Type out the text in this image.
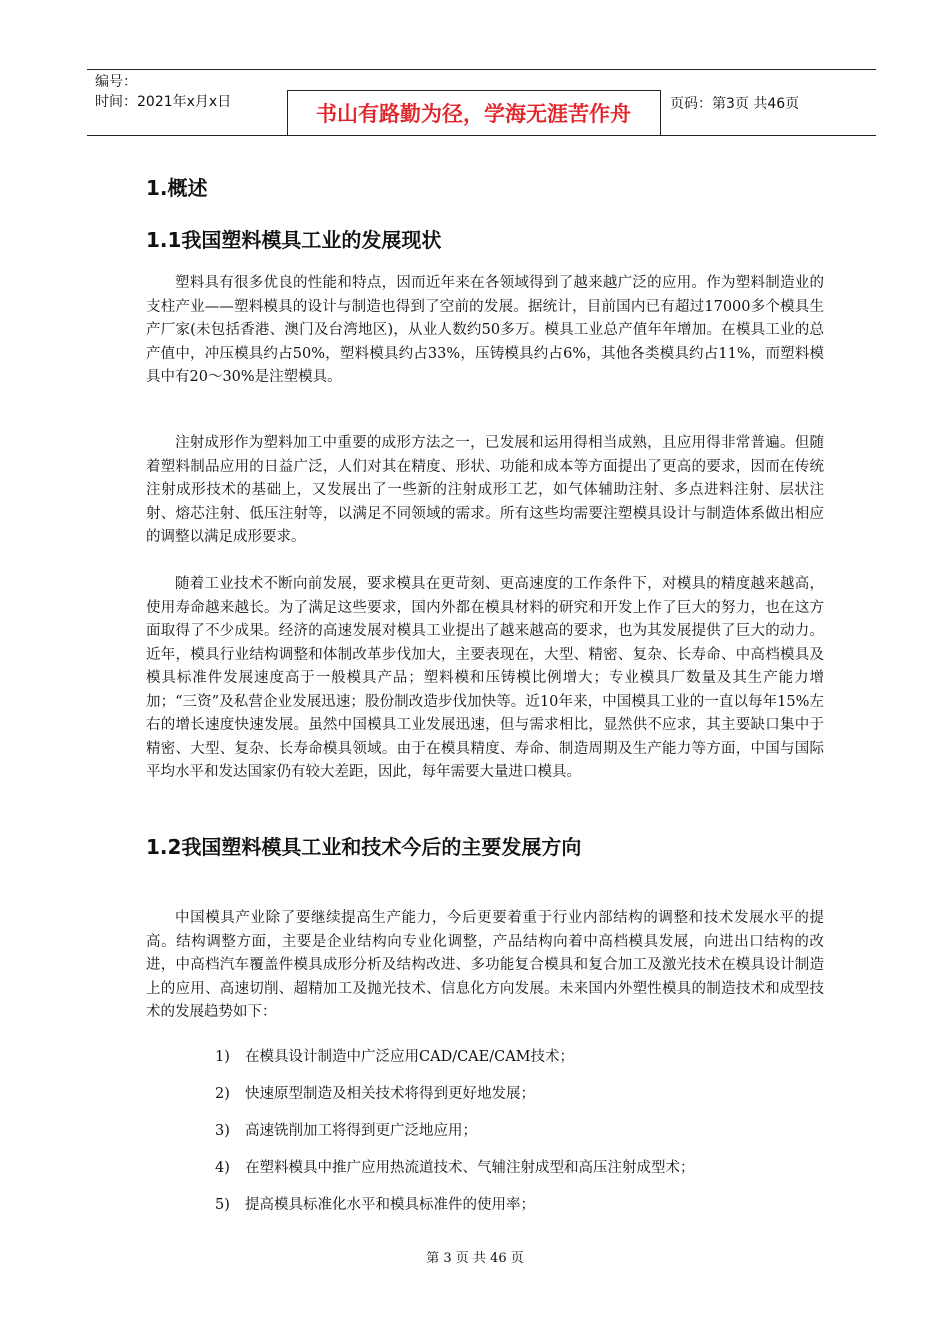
编号：
时间：2021年x月x日	书山有路勤为径，学海无涯苦作舟	页码：第3页 共46页
1.概述
1.1我国塑料模具工业的发展现状

塑料具有很多优良的性能和特点，因而近年来在各领域得到了越来越广泛的应用。作为塑料制造业的支柱产业——塑料模具的设计与制造也得到了空前的发展。据统计，目前国内已有超过17000多个模具生产厂家(未包括香港、澳门及台湾地区)，从业人数约50多万。模具工业总产值年年增加。在模具工业的总产值中，冲压模具约占50%，塑料模具约占33%，压铸模具约占6%，其他各类模具约占11%，而塑料模具中有20～30%是注塑模具。

注射成形作为塑料加工中重要的成形方法之一，已发展和运用得相当成熟，且应用得非常普遍。但随着塑料制品应用的日益广泛，人们对其在精度、形状、功能和成本等方面提出了更高的要求，因而在传统注射成形技术的基础上，又发展出了一些新的注射成形工艺，如气体辅助注射、多点进料注射、层状注射、熔芯注射、低压注射等，以满足不同领域的需求。所有这些均需要注塑模具设计与制造体系做出相应的调整以满足成形要求。

随着工业技术不断向前发展，要求模具在更苛刻、更高速度的工作条件下，对模具的精度越来越高，使用寿命越来越长。为了满足这些要求，国内外都在模具材料的研究和开发上作了巨大的努力，也在这方面取得了不少成果。经济的高速发展对模具工业提出了越来越高的要求，也为其发展提供了巨大的动力。近年，模具行业结构调整和体制改革步伐加大，主要表现在，大型、精密、复杂、长寿命、中高档模具及模具标准件发展速度高于一般模具产品；塑料模和压铸模比例增大；专业模具厂数量及其生产能力增加；“三资”及私营企业发展迅速；股份制改造步伐加快等。近10年来，中国模具工业的一直以每年15%左右的增长速度快速发展。虽然中国模具工业发展迅速，但与需求相比，显然供不应求，其主要缺口集中于精密、大型、复杂、长寿命模具领域。由于在模具精度、寿命、制造周期及生产能力等方面，中国与国际平均水平和发达国家仍有较大差距，因此，每年需要大量进口模具。

1.2我国塑料模具工业和技术今后的主要发展方向

中国模具产业除了要继续提高生产能力，今后更要着重于行业内部结构的调整和技术发展水平的提高。结构调整方面，主要是企业结构向专业化调整，产品结构向着中高档模具发展，向进出口结构的改进，中高档汽车覆盖件模具成形分析及结构改进、多功能复合模具和复合加工及激光技术在模具设计制造上的应用、高速切削、超精加工及抛光技术、信息化方向发展。未来国内外塑性模具的制造技术和成型技术的发展趋势如下：

1) 在模具设计制造中广泛应用CAD/CAE/CAM技术；
2) 快速原型制造及相关技术将得到更好地发展；
3) 高速铣削加工将得到更广泛地应用；
4) 在塑料模具中推广应用热流道技术、气辅注射成型和高压注射成型术；
5) 提高模具标准化水平和模具标准件的使用率；
第 3 页 共 46 页
